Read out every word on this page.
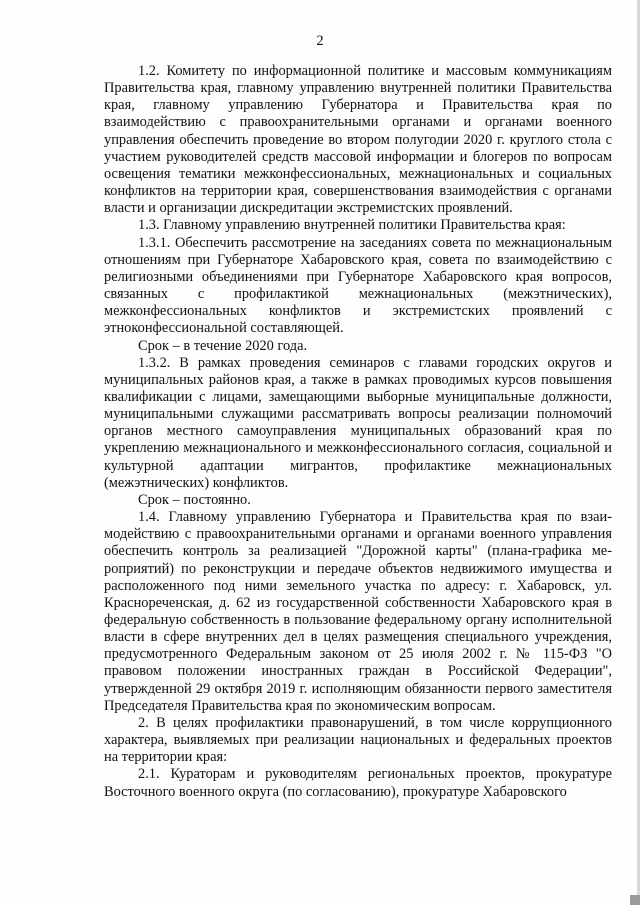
2

1.2. Комитету по информационной политике и массовым коммуникациям Правительства края, главному управлению внутренней политики Правительства края, главному управлению Губернатора и Правительства края по взаимодействию с правоохранительными органами и органами военного управления обеспечить проведение во втором полугодии 2020 г. круглого стола с участием руководителей средств массовой информации и блогеров по вопросам освещения тематики межконфессиональных, межнациональных и социальных конфликтов на территории края, совершенствования взаимодействия с органами власти и организации дискредитации экстремистских проявлений.

1.3. Главному управлению внутренней политики Правительства края:

1.3.1. Обеспечить рассмотрение на заседаниях совета по межнациональным отношениям при Губернаторе Хабаровского края, совета по взаимодействию с религиозными объединениями при Губернаторе Хабаровского края вопросов, связанных с профилактикой межнациональных (межэтнических), межконфессиональных конфликтов и экстремистских проявлений с этноконфессиональной составляющей.

Срок – в течение 2020 года.

1.3.2. В рамках проведения семинаров с главами городских округов и муниципальных районов края, а также в рамках проводимых курсов повышения квалификации с лицами, замещающими выборные муниципальные должности, муниципальными служащими рассматривать вопросы реализации полномочий органов местного самоуправления муниципальных образований края по укреплению межнационального и межконфессионального согласия, социальной и культурной адаптации мигрантов, профилактике межнациональных (межэтнических) конфликтов.

Срок – постоянно.

1.4. Главному управлению Губернатора и Правительства края по взаимодействию с правоохранительными органами и органами военного управления обеспечить контроль за реализацией "Дорожной карты" (плана-графика мероприятий) по реконструкции и передаче объектов недвижимого имущества и расположенного под ними земельного участка по адресу: г. Хабаровск, ул. Краснореченская, д. 62 из государственной собственности Хабаровского края в федеральную собственность в пользование федеральному органу исполнительной власти в сфере внутренних дел в целях размещения специального учреждения, предусмотренного Федеральным законом от 25 июля 2002 г. № 115-ФЗ "О правовом положении иностранных граждан в Российской Федерации", утвержденной 29 октября 2019 г. исполняющим обязанности первого заместителя Председателя Правительства края по экономическим вопросам.

2. В целях профилактики правонарушений, в том числе коррупционного характера, выявляемых при реализации национальных и федеральных проектов на территории края:

2.1. Кураторам и руководителям региональных проектов, прокуратуре Восточного военного округа (по согласованию), прокуратуре Хабаровского
